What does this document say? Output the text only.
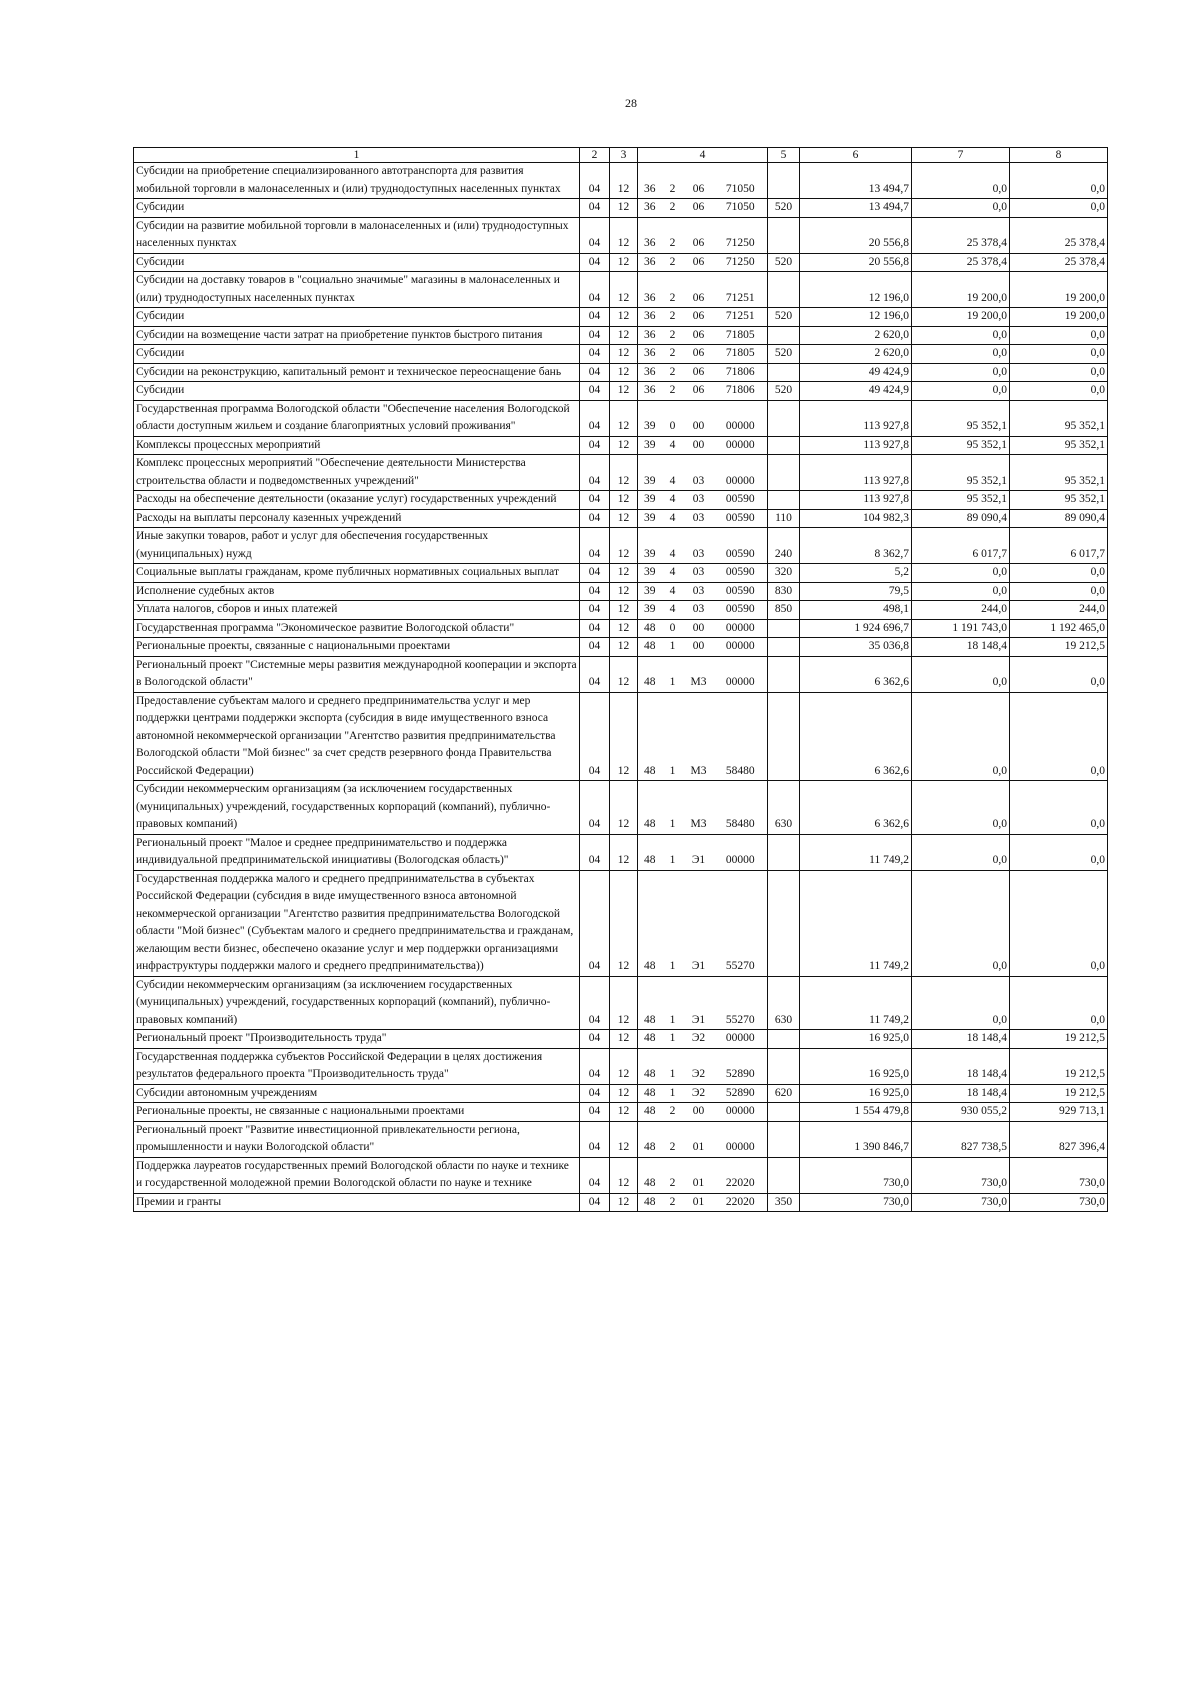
28
1	2	3	4				5	6	7	8
Субсидии на приобретение специализированного автотранспорта для развития мобильной торговли в малонаселенных и (или) труднодоступных населенных пунктах	04	12	36	2	06	71050		13 494,7	0,0	0,0
Субсидии	04	12	36	2	06	71050	520	13 494,7	0,0	0,0
Субсидии на развитие мобильной торговли в малонаселенных и (или) труднодоступных населенных пунктах	04	12	36	2	06	71250		20 556,8	25 378,4	25 378,4
Субсидии	04	12	36	2	06	71250	520	20 556,8	25 378,4	25 378,4
Субсидии на доставку товаров в "социально значимые" магазины в малонаселенных и (или) труднодоступных населенных пунктах	04	12	36	2	06	71251		12 196,0	19 200,0	19 200,0
Субсидии	04	12	36	2	06	71251	520	12 196,0	19 200,0	19 200,0
Субсидии на возмещение части затрат на приобретение пунктов быстрого питания	04	12	36	2	06	71805		2 620,0	0,0	0,0
Субсидии	04	12	36	2	06	71805	520	2 620,0	0,0	0,0
Субсидии на реконструкцию, капитальный ремонт и техническое переоснащение бань	04	12	36	2	06	71806		49 424,9	0,0	0,0
Субсидии	04	12	36	2	06	71806	520	49 424,9	0,0	0,0
Государственная программа Вологодской области "Обеспечение населения Вологодской области доступным жильем и создание благоприятных условий проживания"	04	12	39	0	00	00000		113 927,8	95 352,1	95 352,1
Комплексы процессных мероприятий	04	12	39	4	00	00000		113 927,8	95 352,1	95 352,1
Комплекс процессных мероприятий "Обеспечение деятельности Министерства строительства области и подведомственных учреждений"	04	12	39	4	03	00000		113 927,8	95 352,1	95 352,1
Расходы на обеспечение деятельности (оказание услуг) государственных учреждений	04	12	39	4	03	00590		113 927,8	95 352,1	95 352,1
Расходы на выплаты персоналу казенных учреждений	04	12	39	4	03	00590	110	104 982,3	89 090,4	89 090,4
Иные закупки товаров, работ и услуг для обеспечения государственных (муниципальных) нужд	04	12	39	4	03	00590	240	8 362,7	6 017,7	6 017,7
Социальные выплаты гражданам, кроме публичных нормативных социальных выплат	04	12	39	4	03	00590	320	5,2	0,0	0,0
Исполнение судебных актов	04	12	39	4	03	00590	830	79,5	0,0	0,0
Уплата налогов, сборов и иных платежей	04	12	39	4	03	00590	850	498,1	244,0	244,0
Государственная программа "Экономическое развитие Вологодской области"	04	12	48	0	00	00000		1 924 696,7	1 191 743,0	1 192 465,0
Региональные проекты, связанные с национальными проектами	04	12	48	1	00	00000		35 036,8	18 148,4	19 212,5
Региональный проект "Системные меры развития международной кооперации и экспорта в Вологодской области"	04	12	48	1	М3	00000		6 362,6	0,0	0,0
Предоставление субъектам малого и среднего предпринимательства услуг и мер поддержки центрами поддержки экспорта (субсидия в виде имущественного взноса автономной некоммерческой организации "Агентство развития предпринимательства Вологодской области "Мой бизнес" за счет средств резервного фонда Правительства Российской Федерации)	04	12	48	1	М3	58480		6 362,6	0,0	0,0
Субсидии некоммерческим организациям (за исключением государственных (муниципальных) учреждений, государственных корпораций (компаний), публично-правовых компаний)	04	12	48	1	М3	58480	630	6 362,6	0,0	0,0
Региональный проект "Малое и среднее предпринимательство и поддержка индивидуальной предпринимательской инициативы (Вологодская область)"	04	12	48	1	Э1	00000		11 749,2	0,0	0,0
Государственная поддержка малого и среднего предпринимательства в субъектах Российской Федерации (субсидия в виде имущественного взноса автономной некоммерческой организации "Агентство развития предпринимательства Вологодской области "Мой бизнес" (Субъектам малого и среднего предпринимательства и гражданам, желающим вести бизнес, обеспечено оказание услуг и мер поддержки организациями инфраструктуры поддержки малого и среднего предпринимательства))	04	12	48	1	Э1	55270		11 749,2	0,0	0,0
Субсидии некоммерческим организациям (за исключением государственных (муниципальных) учреждений, государственных корпораций (компаний), публично-правовых компаний)	04	12	48	1	Э1	55270	630	11 749,2	0,0	0,0
Региональный проект "Производительность труда"	04	12	48	1	Э2	00000		16 925,0	18 148,4	19 212,5
Государственная поддержка субъектов Российской Федерации в целях достижения результатов федерального проекта "Производительность труда"	04	12	48	1	Э2	52890		16 925,0	18 148,4	19 212,5
Субсидии автономным учреждениям	04	12	48	1	Э2	52890	620	16 925,0	18 148,4	19 212,5
Региональные проекты, не связанные с национальными проектами	04	12	48	2	00	00000		1 554 479,8	930 055,2	929 713,1
Региональный проект "Развитие инвестиционной привлекательности региона, промышленности и науки Вологодской области"	04	12	48	2	01	00000		1 390 846,7	827 738,5	827 396,4
Поддержка лауреатов государственных премий Вологодской области по науке и технике и государственной молодежной премии Вологодской области по науке и технике	04	12	48	2	01	22020		730,0	730,0	730,0
Премии и гранты	04	12	48	2	01	22020	350	730,0	730,0	730,0
